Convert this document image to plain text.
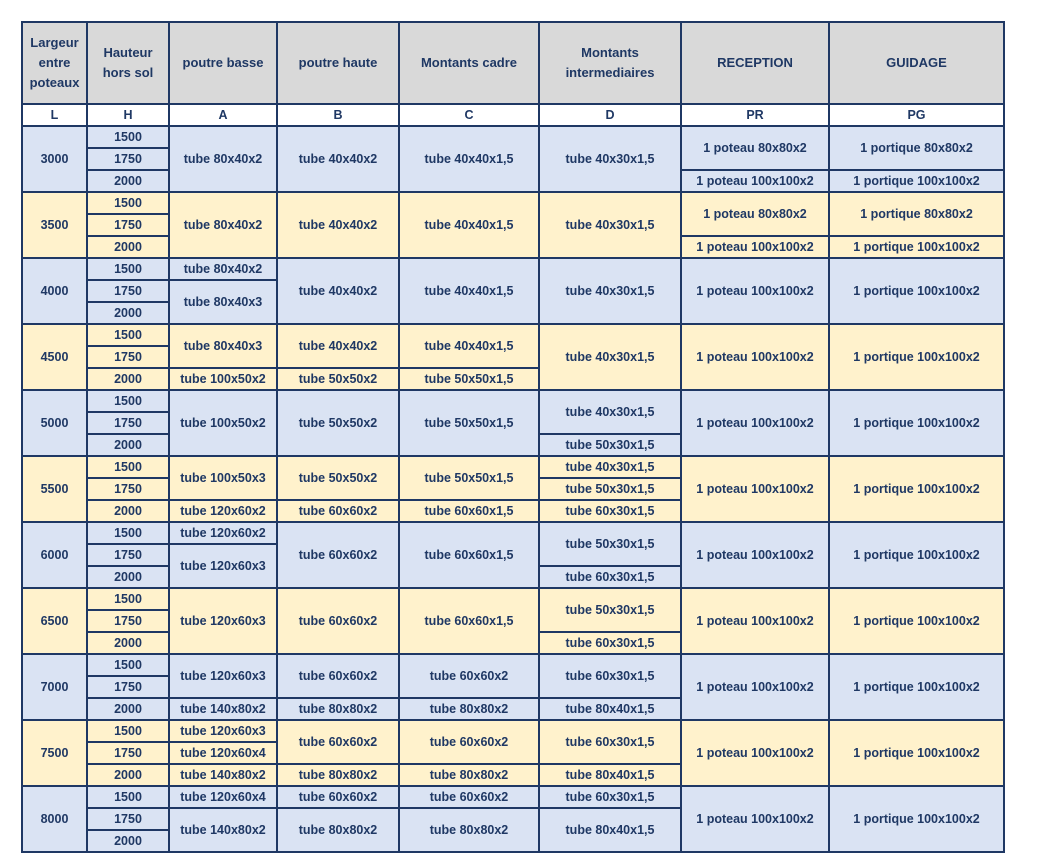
Largeur entre poteaux	Hauteur hors sol	poutre basse	poutre haute	Montants cadre	Montants intermediaires	RECEPTION	GUIDAGE
L	H	A	B	C	D	PR	PG
3000	1500	tube 80x40x2	tube 40x40x2	tube 40x40x1,5	tube 40x30x1,5	1 poteau 80x80x2	1 portique 80x80x2
	1750						
	2000					1 poteau 100x100x2	1 portique 100x100x2
3500	1500	tube 80x40x2	tube 40x40x2	tube 40x40x1,5	tube 40x30x1,5	1 poteau 80x80x2	1 portique 80x80x2
	1750						
	2000					1 poteau 100x100x2	1 portique 100x100x2
4000	1500	tube 80x40x2	tube 40x40x2	tube 40x40x1,5	tube 40x30x1,5	1 poteau 100x100x2	1 portique 100x100x2
	1750	tube 80x40x3					
	2000						
4500	1500	tube 80x40x3	tube 40x40x2	tube 40x40x1,5	tube 40x30x1,5	1 poteau 100x100x2	1 portique 100x100x2
	1750						
	2000	tube 100x50x2	tube 50x50x2	tube 50x50x1,5			
5000	1500	tube 100x50x2	tube 50x50x2	tube 50x50x1,5	tube 40x30x1,5	1 poteau 100x100x2	1 portique 100x100x2
	1750						
	2000				tube 50x30x1,5		
5500	1500	tube 100x50x3	tube 50x50x2	tube 50x50x1,5	tube 40x30x1,5	1 poteau 100x100x2	1 portique 100x100x2
	1750				tube 50x30x1,5		
	2000	tube 120x60x2	tube 60x60x2	tube 60x60x1,5	tube 60x30x1,5		
6000	1500	tube 120x60x2	tube 60x60x2	tube 60x60x1,5	tube 50x30x1,5	1 poteau 100x100x2	1 portique 100x100x2
	1750	tube 120x60x3					
	2000				tube 60x30x1,5		
6500	1500	tube 120x60x3	tube 60x60x2	tube 60x60x1,5	tube 50x30x1,5	1 poteau 100x100x2	1 portique 100x100x2
	1750						
	2000				tube 60x30x1,5		
7000	1500	tube 120x60x3	tube 60x60x2	tube 60x60x2	tube 60x30x1,5	1 poteau 100x100x2	1 portique 100x100x2
	1750						
	2000	tube 140x80x2	tube 80x80x2	tube 80x80x2	tube 80x40x1,5		
7500	1500	tube 120x60x3	tube 60x60x2	tube 60x60x2	tube 60x30x1,5	1 poteau 100x100x2	1 portique 100x100x2
	1750	tube 120x60x4					
	2000	tube 140x80x2	tube 80x80x2	tube 80x80x2	tube 80x40x1,5		
8000	1500	tube 120x60x4	tube 60x60x2	tube 60x60x2	tube 60x30x1,5	1 poteau 100x100x2	1 portique 100x100x2
	1750	tube 140x80x2	tube 80x80x2	tube 80x80x2	tube 80x40x1,5		
	2000						
